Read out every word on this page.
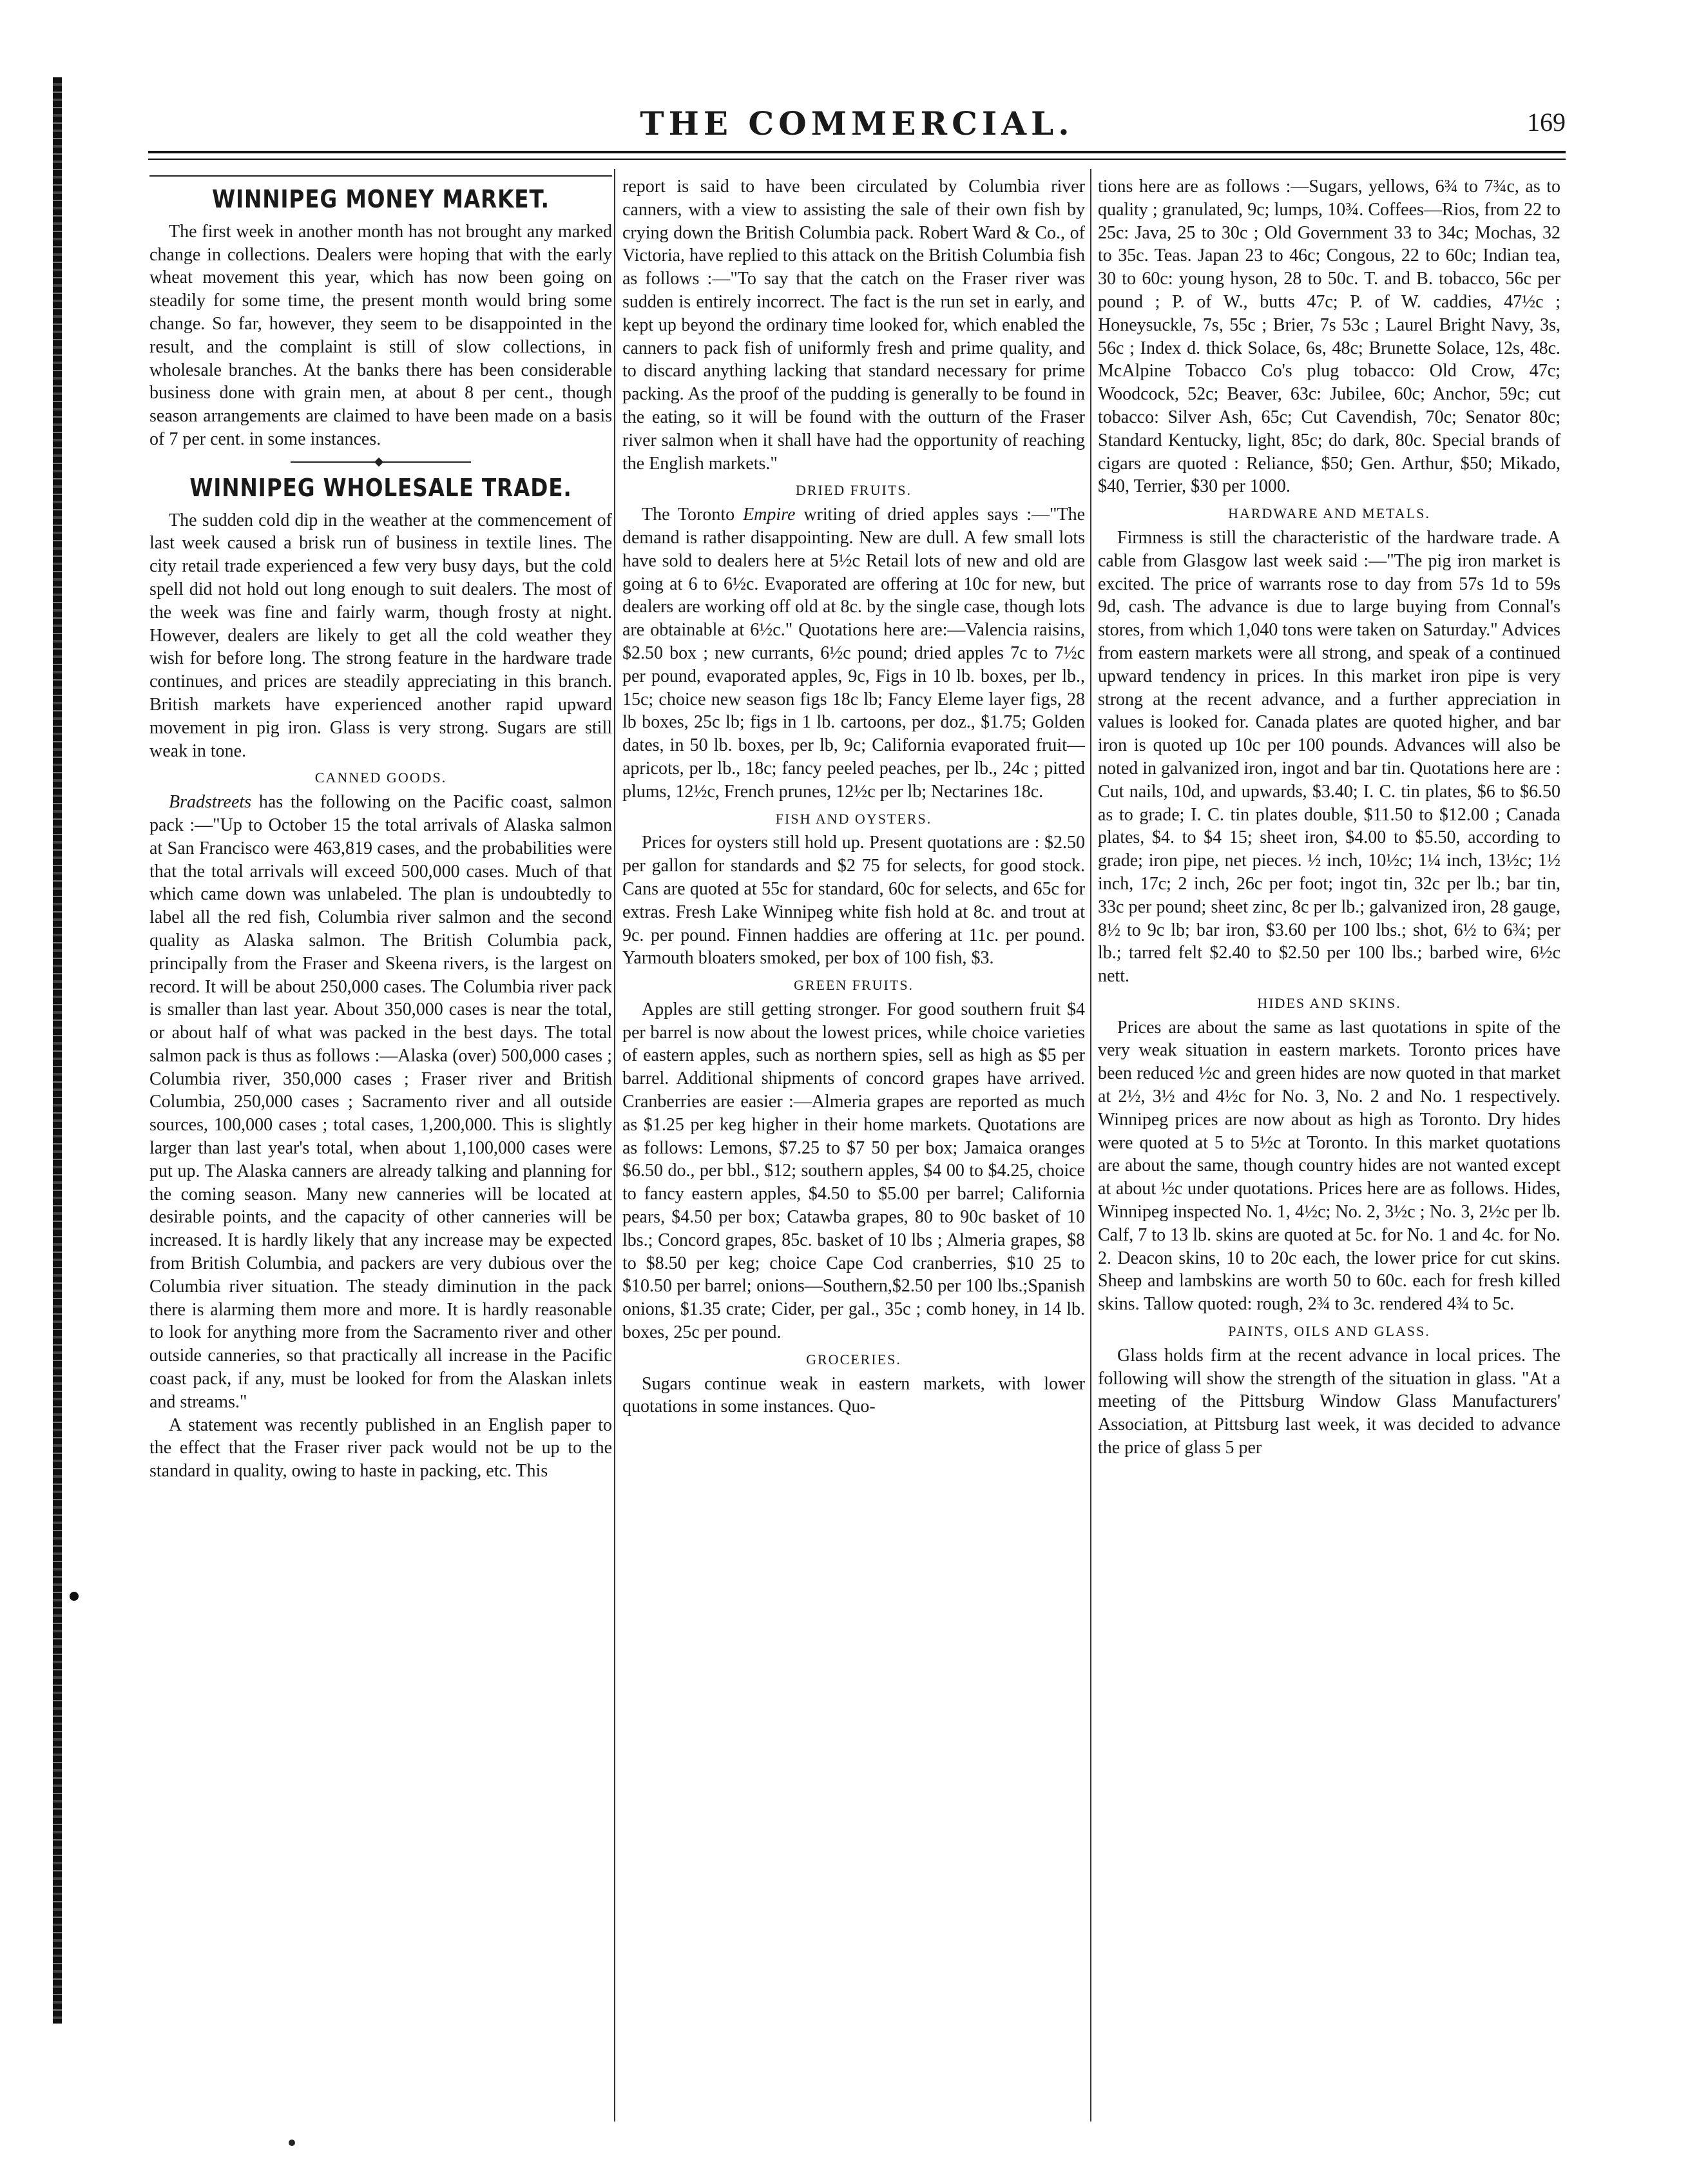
THE COMMERCIAL.	169
WINNIPEG MONEY MARKET.

The first week in another month has not brought any marked change in collections. Dealers were hoping that with the early wheat movement this year, which has now been going on steadily for some time, the present month would bring some change. So far, however, they seem to be disappointed in the result, and the complaint is still of slow collections, in wholesale branches. At the banks there has been considerable business done with grain men, at about 8 per cent., though season arrangements are claimed to have been made on a basis of 7 per cent. in some instances.

WINNIPEG WHOLESALE TRADE.

The sudden cold dip in the weather at the commencement of last week caused a brisk run of business in textile lines. The city retail trade experienced a few very busy days, but the cold spell did not hold out long enough to suit dealers. The most of the week was fine and fairly warm, though frosty at night. However, dealers are likely to get all the cold weather they wish for before long. The strong feature in the hardware trade continues, and prices are steadily appreciating in this branch. British markets have experienced another rapid upward movement in pig iron. Glass is very strong. Sugars are still weak in tone.

CANNED GOODS.

Bradstreets has the following on the Pacific coast, salmon pack :—"Up to October 15 the total arrivals of Alaska salmon at San Francisco were 463,819 cases, and the probabilities were that the total arrivals will exceed 500,000 cases. Much of that which came down was unlabeled. The plan is undoubtedly to label all the red fish, Columbia river salmon and the second quality as Alaska salmon. The British Columbia pack, principally from the Fraser and Skeena rivers, is the largest on record. It will be about 250,000 cases. The Columbia river pack is smaller than last year. About 350,000 cases is near the total, or about half of what was packed in the best days. The total salmon pack is thus as follows :—Alaska (over) 500,000 cases ; Columbia river, 350,000 cases ; Fraser river and British Columbia, 250,000 cases ; Sacramento river and all outside sources, 100,000 cases ; total cases, 1,200,000. This is slightly larger than last year's total, when about 1,100,000 cases were put up. The Alaska canners are already talking and planning for the coming season. Many new canneries will be located at desirable points, and the capacity of other canneries will be increased. It is hardly likely that any increase may be expected from British Columbia, and packers are very dubious over the Columbia river situation. The steady diminution in the pack there is alarming them more and more. It is hardly reasonable to look for anything more from the Sacramento river and other outside canneries, so that practically all increase in the Pacific coast pack, if any, must be looked for from the Alaskan inlets and streams."

A statement was recently published in an English paper to the effect that the Fraser river pack would not be up to the standard in quality, owing to haste in packing, etc. This

report is said to have been circulated by Columbia river canners, with a view to assisting the sale of their own fish by crying down the British Columbia pack. Robert Ward & Co., of Victoria, have replied to this attack on the British Columbia fish as follows :—"To say that the catch on the Fraser river was sudden is entirely incorrect. The fact is the run set in early, and kept up beyond the ordinary time looked for, which enabled the canners to pack fish of uniformly fresh and prime quality, and to discard anything lacking that standard necessary for prime packing. As the proof of the pudding is generally to be found in the eating, so it will be found with the outturn of the Fraser river salmon when it shall have had the opportunity of reaching the English markets."

DRIED FRUITS.

The Toronto Empire writing of dried apples says :—"The demand is rather disappointing. New are dull. A few small lots have sold to dealers here at 5½c Retail lots of new and old are going at 6 to 6½c. Evaporated are offering at 10c for new, but dealers are working off old at 8c. by the single case, though lots are obtainable at 6½c." Quotations here are:—Valencia raisins, $2.50 box ; new currants, 6½c pound; dried apples 7c to 7½c per pound, evaporated apples, 9c, Figs in 10 lb. boxes, per lb., 15c; choice new season figs 18c lb; Fancy Eleme layer figs, 28 lb boxes, 25c lb; figs in 1 lb. cartoons, per doz., $1.75; Golden dates, in 50 lb. boxes, per lb, 9c; California evaporated fruit—apricots, per lb., 18c; fancy peeled peaches, per lb., 24c ; pitted plums, 12½c, French prunes, 12½c per lb; Nectarines 18c.

FISH AND OYSTERS.

Prices for oysters still hold up. Present quotations are : $2.50 per gallon for standards and $2 75 for selects, for good stock. Cans are quoted at 55c for standard, 60c for selects, and 65c for extras. Fresh Lake Winnipeg white fish hold at 8c. and trout at 9c. per pound. Finnen haddies are offering at 11c. per pound. Yarmouth bloaters smoked, per box of 100 fish, $3.

GREEN FRUITS.

Apples are still getting stronger. For good southern fruit $4 per barrel is now about the lowest prices, while choice varieties of eastern apples, such as northern spies, sell as high as $5 per barrel. Additional shipments of concord grapes have arrived. Cranberries are easier :—Almeria grapes are reported as much as $1.25 per keg higher in their home markets. Quotations are as follows: Lemons, $7.25 to $7 50 per box; Jamaica oranges $6.50 do., per bbl., $12; southern apples, $4 00 to $4.25, choice to fancy eastern apples, $4.50 to $5.00 per barrel; California pears, $4.50 per box; Catawba grapes, 80 to 90c basket of 10 lbs.; Concord grapes, 85c. basket of 10 lbs ; Almeria grapes, $8 to $8.50 per keg; choice Cape Cod cranberries, $10 25 to $10.50 per barrel; onions—Southern,$2.50 per 100 lbs.;Spanish onions, $1.35 crate; Cider, per gal., 35c ; comb honey, in 14 lb. boxes, 25c per pound.

GROCERIES.

Sugars continue weak in eastern markets, with lower quotations in some instances. Quo-

tions here are as follows :—Sugars, yellows, 6¾ to 7¾c, as to quality ; granulated, 9c; lumps, 10¾. Coffees—Rios, from 22 to 25c: Java, 25 to 30c ; Old Government 33 to 34c; Mochas, 32 to 35c. Teas. Japan 23 to 46c; Congous, 22 to 60c; Indian tea, 30 to 60c: young hyson, 28 to 50c. T. and B. tobacco, 56c per pound ; P. of W., butts 47c; P. of W. caddies, 47½c ; Honeysuckle, 7s, 55c ; Brier, 7s 53c ; Laurel Bright Navy, 3s, 56c ; Index d. thick Solace, 6s, 48c; Brunette Solace, 12s, 48c. McAlpine Tobacco Co's plug tobacco: Old Crow, 47c; Woodcock, 52c; Beaver, 63c: Jubilee, 60c; Anchor, 59c; cut tobacco: Silver Ash, 65c; Cut Cavendish, 70c; Senator 80c; Standard Kentucky, light, 85c; do dark, 80c. Special brands of cigars are quoted : Reliance, $50; Gen. Arthur, $50; Mikado, $40, Terrier, $30 per 1000.

HARDWARE AND METALS.

Firmness is still the characteristic of the hardware trade. A cable from Glasgow last week said :—"The pig iron market is excited. The price of warrants rose to day from 57s 1d to 59s 9d, cash. The advance is due to large buying from Connal's stores, from which 1,040 tons were taken on Saturday." Advices from eastern markets were all strong, and speak of a continued upward tendency in prices. In this market iron pipe is very strong at the recent advance, and a further appreciation in values is looked for. Canada plates are quoted higher, and bar iron is quoted up 10c per 100 pounds. Advances will also be noted in galvanized iron, ingot and bar tin. Quotations here are : Cut nails, 10d, and upwards, $3.40; I. C. tin plates, $6 to $6.50 as to grade; I. C. tin plates double, $11.50 to $12.00 ; Canada plates, $4. to $4 15; sheet iron, $4.00 to $5.50, according to grade; iron pipe, net pieces. ½ inch, 10½c; 1¼ inch, 13½c; 1½ inch, 17c; 2 inch, 26c per foot; ingot tin, 32c per lb.; bar tin, 33c per pound; sheet zinc, 8c per lb.; galvanized iron, 28 gauge, 8½ to 9c lb; bar iron, $3.60 per 100 lbs.; shot, 6½ to 6¾; per lb.; tarred felt $2.40 to $2.50 per 100 lbs.; barbed wire, 6½c nett.

HIDES AND SKINS.

Prices are about the same as last quotations in spite of the very weak situation in eastern markets. Toronto prices have been reduced ½c and green hides are now quoted in that market at 2½, 3½ and 4½c for No. 3, No. 2 and No. 1 respectively. Winnipeg prices are now about as high as Toronto. Dry hides were quoted at 5 to 5½c at Toronto. In this market quotations are about the same, though country hides are not wanted except at about ½c under quotations. Prices here are as follows. Hides, Winnipeg inspected No. 1, 4½c; No. 2, 3½c ; No. 3, 2½c per lb. Calf, 7 to 13 lb. skins are quoted at 5c. for No. 1 and 4c. for No. 2. Deacon skins, 10 to 20c each, the lower price for cut skins. Sheep and lambskins are worth 50 to 60c. each for fresh killed skins. Tallow quoted: rough, 2¾ to 3c. rendered 4¾ to 5c.

PAINTS, OILS AND GLASS.

Glass holds firm at the recent advance in local prices. The following will show the strength of the situation in glass. "At a meeting of the Pittsburg Window Glass Manufacturers' Association, at Pittsburg last week, it was decided to advance the price of glass 5 per
